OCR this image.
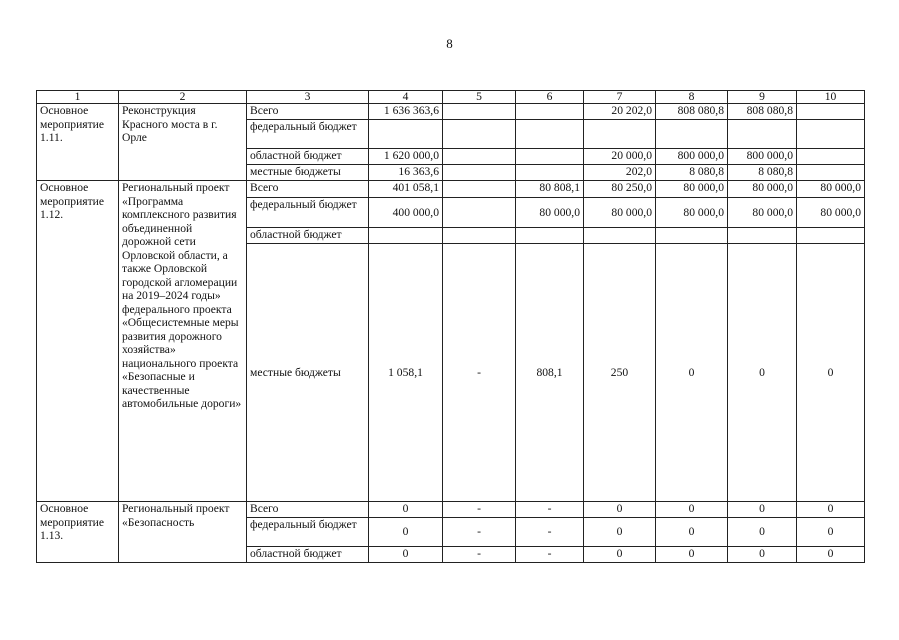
8
1	2	3	4	5	6	7	8	9	10
Основное мероприятие 1.11.	Реконструкция Красного моста в г. Орле	Всего	1 636 363,6			20 202,0	808 080,8	808 080,8	
		федеральный бюджет							
		областной бюджет	1 620 000,0			20 000,0	800 000,0	800 000,0	
		местные бюджеты	16 363,6			202,0	8 080,8	8 080,8	
Основное мероприятие 1.12.	Региональный проект «Программа комплексного развития объединенной дорожной сети Орловской области, а также Орловской городской агломерации на 2019–2024 годы» федерального проекта «Общесистемные меры развития дорожного хозяйства» национального проекта «Безопасные и качественные автомобильные дороги»	Всего	401 058,1		80 808,1	80 250,0	80 000,0	80 000,0	80 000,0
		федеральный бюджет	400 000,0		80 000,0	80 000,0	80 000,0	80 000,0	80 000,0
		областной бюджет							
		местные бюджеты	1 058,1	-	808,1	250	0	0	0
Основное мероприятие 1.13.	Региональный проект «Безопасность	Всего	0	-	-	0	0	0	0
		федеральный бюджет	0	-	-	0	0	0	0
		областной бюджет	0	-	-	0	0	0	0
